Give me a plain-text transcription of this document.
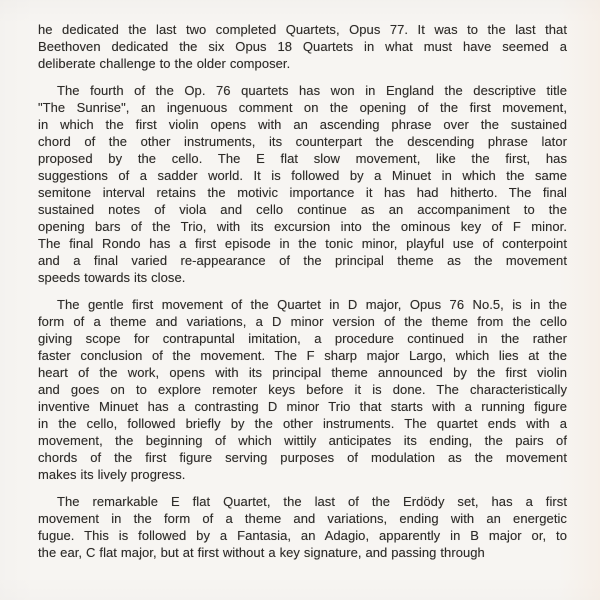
he dedicated the last two completed Quartets, Opus 77. It was to the last that
Beethoven dedicated the six Opus 18 Quartets in what must have seemed a
deliberate challenge to the older composer.
The fourth of the Op. 76 quartets has won in England the descriptive title
"The Sunrise", an ingenuous comment on the opening of the first movement,
in which the first violin opens with an ascending phrase over the sustained
chord of the other instruments, its counterpart the descending phrase lator
proposed by the cello. The E flat slow movement, like the first, has
suggestions of a sadder world. It is followed by a Minuet in which the same
semitone interval retains the motivic importance it has had hitherto. The final
sustained notes of viola and cello continue as an accompaniment to the
opening bars of the Trio, with its excursion into the ominous key of F minor.
The final Rondo has a first episode in the tonic minor, playful use of conterpoint
and a final varied re-appearance of the principal theme as the movement
speeds towards its close.
The gentle first movement of the Quartet in D major, Opus 76 No.5, is in the
form of a theme and variations, a D minor version of the theme from the cello
giving scope for contrapuntal imitation, a procedure continued in the rather
faster conclusion of the movement. The F sharp major Largo, which lies at the
heart of the work, opens with its principal theme announced by the first violin
and goes on to explore remoter keys before it is done. The characteristically
inventive Minuet has a contrasting D minor Trio that starts with a running figure
in the cello, followed briefly by the other instruments. The quartet ends with a
movement, the beginning of which wittily anticipates its ending, the pairs of
chords of the first figure serving purposes of modulation as the movement
makes its lively progress.
The remarkable E flat Quartet, the last of the Erdödy set, has a first
movement in the form of a theme and variations, ending with an energetic
fugue. This is followed by a Fantasia, an Adagio, apparently in B major or, to
the ear, C flat major, but at first without a key signature, and passing through
